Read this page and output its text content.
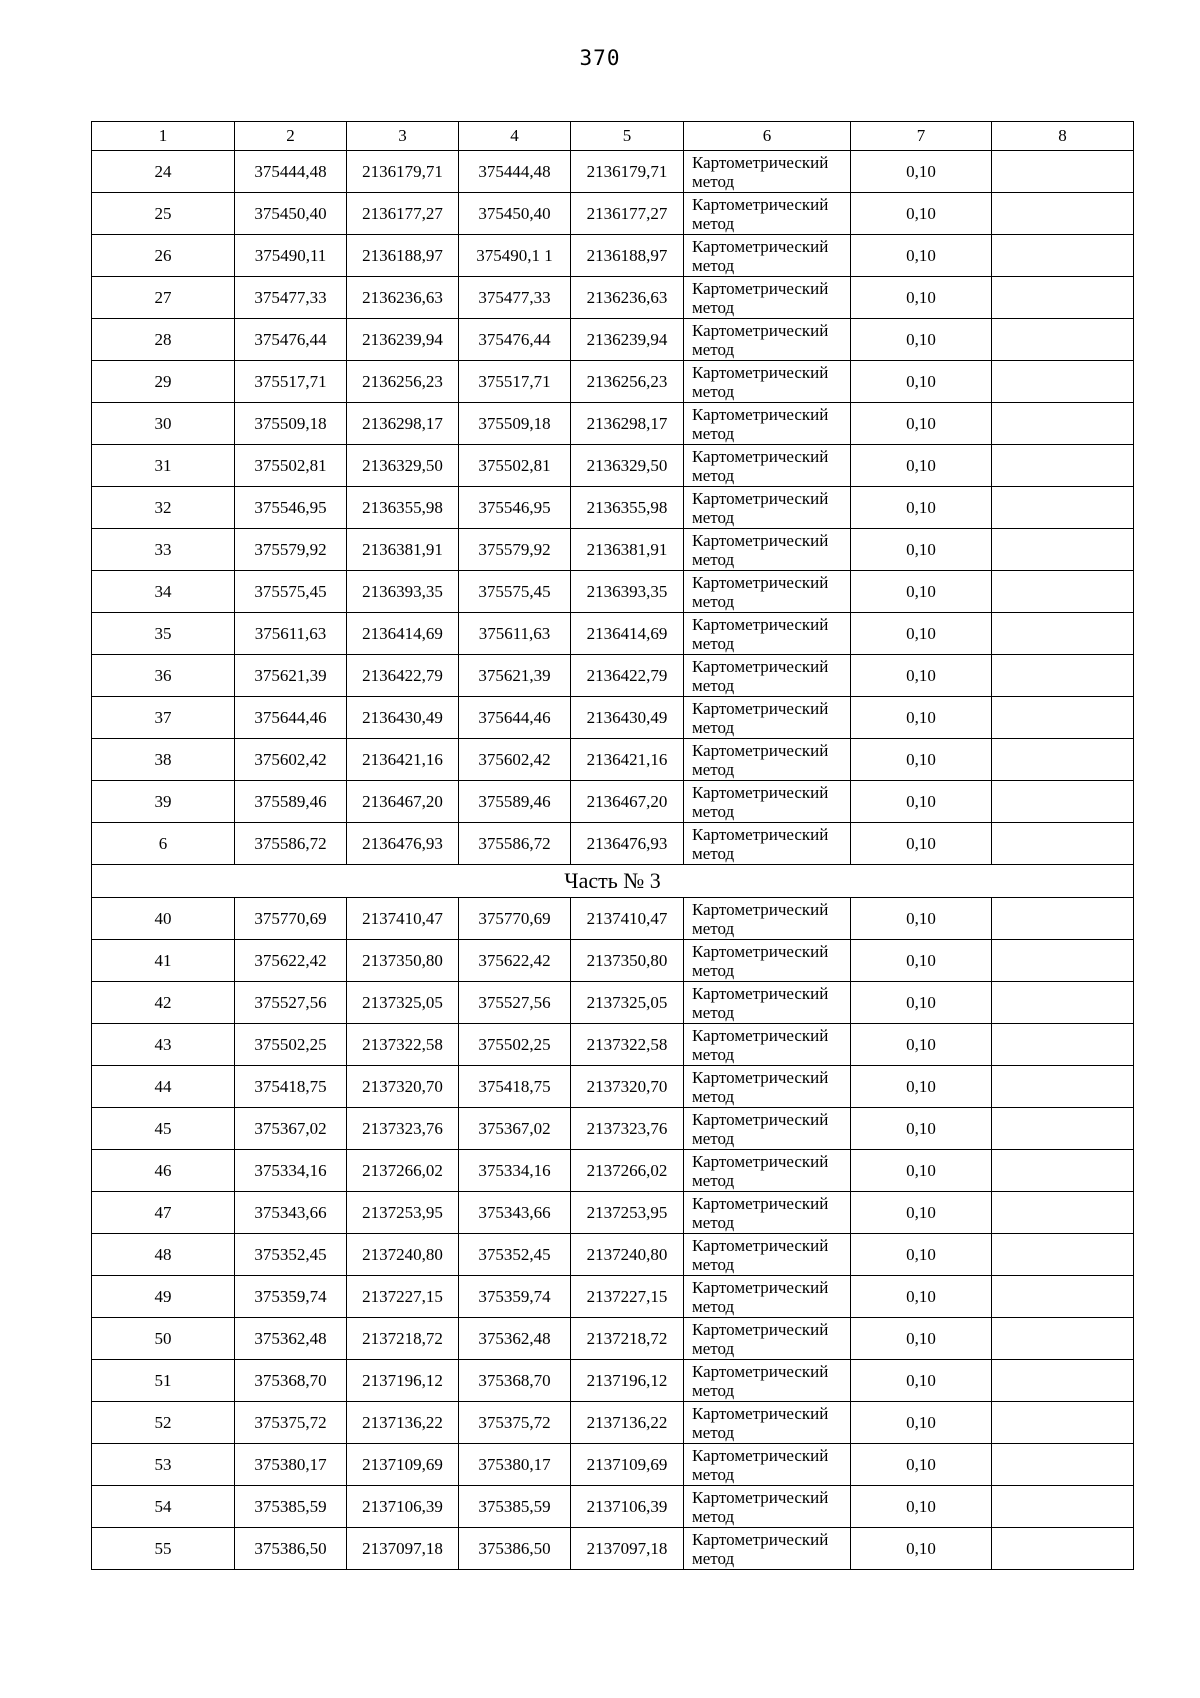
370
1	2	3	4	5	6	7	8
24	375444,48	2136179,71	375444,48	2136179,71	Картометрический
метод	0,10	
25	375450,40	2136177,27	375450,40	2136177,27	Картометрический
метод	0,10	
26	375490,11	2136188,97	375490,1 1	2136188,97	Картометрический
метод	0,10	
27	375477,33	2136236,63	375477,33	2136236,63	Картометрический
метод	0,10	
28	375476,44	2136239,94	375476,44	2136239,94	Картометрический
метод	0,10	
29	375517,71	2136256,23	375517,71	2136256,23	Картометрический
метод	0,10	
30	375509,18	2136298,17	375509,18	2136298,17	Картометрический
метод	0,10	
31	375502,81	2136329,50	375502,81	2136329,50	Картометрический
метод	0,10	
32	375546,95	2136355,98	375546,95	2136355,98	Картометрический
метод	0,10	
33	375579,92	2136381,91	375579,92	2136381,91	Картометрический
метод	0,10	
34	375575,45	2136393,35	375575,45	2136393,35	Картометрический
метод	0,10	
35	375611,63	2136414,69	375611,63	2136414,69	Картометрический
метод	0,10	
36	375621,39	2136422,79	375621,39	2136422,79	Картометрический
метод	0,10	
37	375644,46	2136430,49	375644,46	2136430,49	Картометрический
метод	0,10	
38	375602,42	2136421,16	375602,42	2136421,16	Картометрический
метод	0,10	
39	375589,46	2136467,20	375589,46	2136467,20	Картометрический
метод	0,10	
6	375586,72	2136476,93	375586,72	2136476,93	Картометрический
метод	0,10	
Часть № 3							
40	375770,69	2137410,47	375770,69	2137410,47	Картометрический
метод	0,10	
41	375622,42	2137350,80	375622,42	2137350,80	Картометрический
метод	0,10	
42	375527,56	2137325,05	375527,56	2137325,05	Картометрический
метод	0,10	
43	375502,25	2137322,58	375502,25	2137322,58	Картометрический
метод	0,10	
44	375418,75	2137320,70	375418,75	2137320,70	Картометрический
метод	0,10	
45	375367,02	2137323,76	375367,02	2137323,76	Картометрический
метод	0,10	
46	375334,16	2137266,02	375334,16	2137266,02	Картометрический
метод	0,10	
47	375343,66	2137253,95	375343,66	2137253,95	Картометрический
метод	0,10	
48	375352,45	2137240,80	375352,45	2137240,80	Картометрический
метод	0,10	
49	375359,74	2137227,15	375359,74	2137227,15	Картометрический
метод	0,10	
50	375362,48	2137218,72	375362,48	2137218,72	Картометрический
метод	0,10	
51	375368,70	2137196,12	375368,70	2137196,12	Картометрический
метод	0,10	
52	375375,72	2137136,22	375375,72	2137136,22	Картометрический
метод	0,10	
53	375380,17	2137109,69	375380,17	2137109,69	Картометрический
метод	0,10	
54	375385,59	2137106,39	375385,59	2137106,39	Картометрический
метод	0,10	
55	375386,50	2137097,18	375386,50	2137097,18	Картометрический
метод	0,10	
